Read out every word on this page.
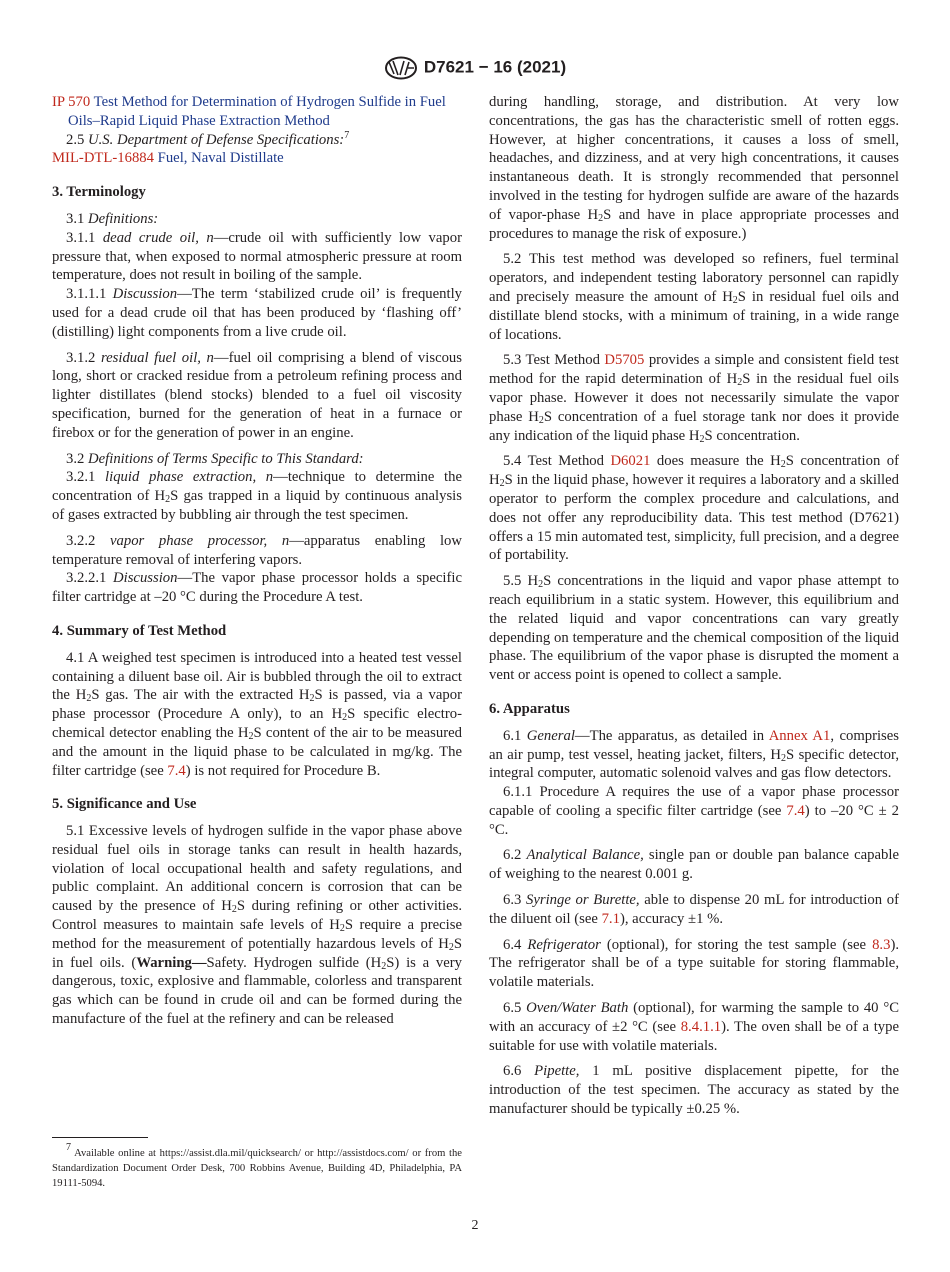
D7621 − 16 (2021)

IP 570 Test Method for Determination of Hydrogen Sulfide in Fuel Oils–Rapid Liquid Phase Extraction Method

2.5 U.S. Department of Defense Specifications:$^7$

MIL-DTL-16884 Fuel, Naval Distillate

3. Terminology

3.1 Definitions:

3.1.1 dead crude oil, n—crude oil with sufficiently low vapor pressure that, when exposed to normal atmospheric pressure at room temperature, does not result in boiling of the sample.

3.1.1.1 Discussion—The term ‘stabilized crude oil’ is frequently used for a dead crude oil that has been produced by ‘flashing off’ (distilling) light components from a live crude oil.

3.1.2 residual fuel oil, n—fuel oil comprising a blend of viscous long, short or cracked residue from a petroleum refining process and lighter distillates (blend stocks) blended to a fuel oil viscosity specification, burned for the generation of heat in a furnace or firebox or for the generation of power in an engine.

3.2 Definitions of Terms Specific to This Standard:

3.2.1 liquid phase extraction, n—technique to determine the concentration of $H_2S$ gas trapped in a liquid by continuous analysis of gases extracted by bubbling air through the test specimen.

3.2.2 vapor phase processor, n—apparatus enabling low temperature removal of interfering vapors.

3.2.2.1 Discussion—The vapor phase processor holds a specific filter cartridge at –20 °C during the Procedure A test.

4. Summary of Test Method

4.1 A weighed test specimen is introduced into a heated test vessel containing a diluent base oil. Air is bubbled through the oil to extract the $H_2S$ gas. The air with the extracted $H_2S$ is passed, via a vapor phase processor (Procedure A only), to an $H_2S$ specific electro-chemical detector enabling the $H_2S$ content of the air to be measured and the amount in the liquid phase to be calculated in mg/kg. The filter cartridge (see 7.4) is not required for Procedure B.

5. Significance and Use

5.1 Excessive levels of hydrogen sulfide in the vapor phase above residual fuel oils in storage tanks can result in health hazards, violation of local occupational health and safety regulations, and public complaint. An additional concern is corrosion that can be caused by the presence of $H_2S$ during refining or other activities. Control measures to maintain safe levels of $H_2S$ require a precise method for the measurement of potentially hazardous levels of $H_2S$ in fuel oils. (Warning—Safety. Hydrogen sulfide $(H_2S)$ is a very dangerous, toxic, explosive and flammable, colorless and transparent gas which can be found in crude oil and can be formed during the manufacture of the fuel at the refinery and can be released

during handling, storage, and distribution. At very low concentrations, the gas has the characteristic smell of rotten eggs. However, at higher concentrations, it causes a loss of smell, headaches, and dizziness, and at very high concentrations, it causes instantaneous death. It is strongly recommended that personnel involved in the testing for hydrogen sulfide are aware of the hazards of vapor-phase $H_2S$ and have in place appropriate processes and procedures to manage the risk of exposure.)

5.2 This test method was developed so refiners, fuel terminal operators, and independent testing laboratory personnel can rapidly and precisely measure the amount of $H_2S$ in residual fuel oils and distillate blend stocks, with a minimum of training, in a wide range of locations.

5.3 Test Method D5705 provides a simple and consistent field test method for the rapid determination of $H_2S$ in the residual fuel oils vapor phase. However it does not necessarily simulate the vapor phase $H_2S$ concentration of a fuel storage tank nor does it provide any indication of the liquid phase $H_2S$ concentration.

5.4 Test Method D6021 does measure the $H_2S$ concentration of $H_2S$ in the liquid phase, however it requires a laboratory and a skilled operator to perform the complex procedure and calculations, and does not offer any reproducibility data. This test method (D7621) offers a 15 min automated test, simplicity, full precision, and a degree of portability.

5.5 $H_2S$ concentrations in the liquid and vapor phase attempt to reach equilibrium in a static system. However, this equilibrium and the related liquid and vapor concentrations can vary greatly depending on temperature and the chemical composition of the liquid phase. The equilibrium of the vapor phase is disrupted the moment a vent or access point is opened to collect a sample.

6. Apparatus

6.1 General—The apparatus, as detailed in Annex A1, comprises an air pump, test vessel, heating jacket, filters, $H_2S$ specific detector, integral computer, automatic solenoid valves and gas flow detectors.

6.1.1 Procedure A requires the use of a vapor phase processor capable of cooling a specific filter cartridge (see 7.4) to –20 °C ± 2 °C.

6.2 Analytical Balance, single pan or double pan balance capable of weighing to the nearest 0.001 g.

6.3 Syringe or Burette, able to dispense 20 mL for introduction of the diluent oil (see 7.1), accuracy ±1 %.

6.4 Refrigerator (optional), for storing the test sample (see 8.3). The refrigerator shall be of a type suitable for storing flammable, volatile materials.

6.5 Oven/Water Bath (optional), for warming the sample to 40 °C with an accuracy of ±2 °C (see 8.4.1.1). The oven shall be of a type suitable for use with volatile materials.

6.6 Pipette, 1 mL positive displacement pipette, for the introduction of the test specimen. The accuracy as stated by the manufacturer should be typically ±0.25 %.

$^7$ Available online at https://assist.dla.mil/quicksearch/ or http://assistdocs.com/ or from the Standardization Document Order Desk, 700 Robbins Avenue, Building 4D, Philadelphia, PA 19111-5094.
2
